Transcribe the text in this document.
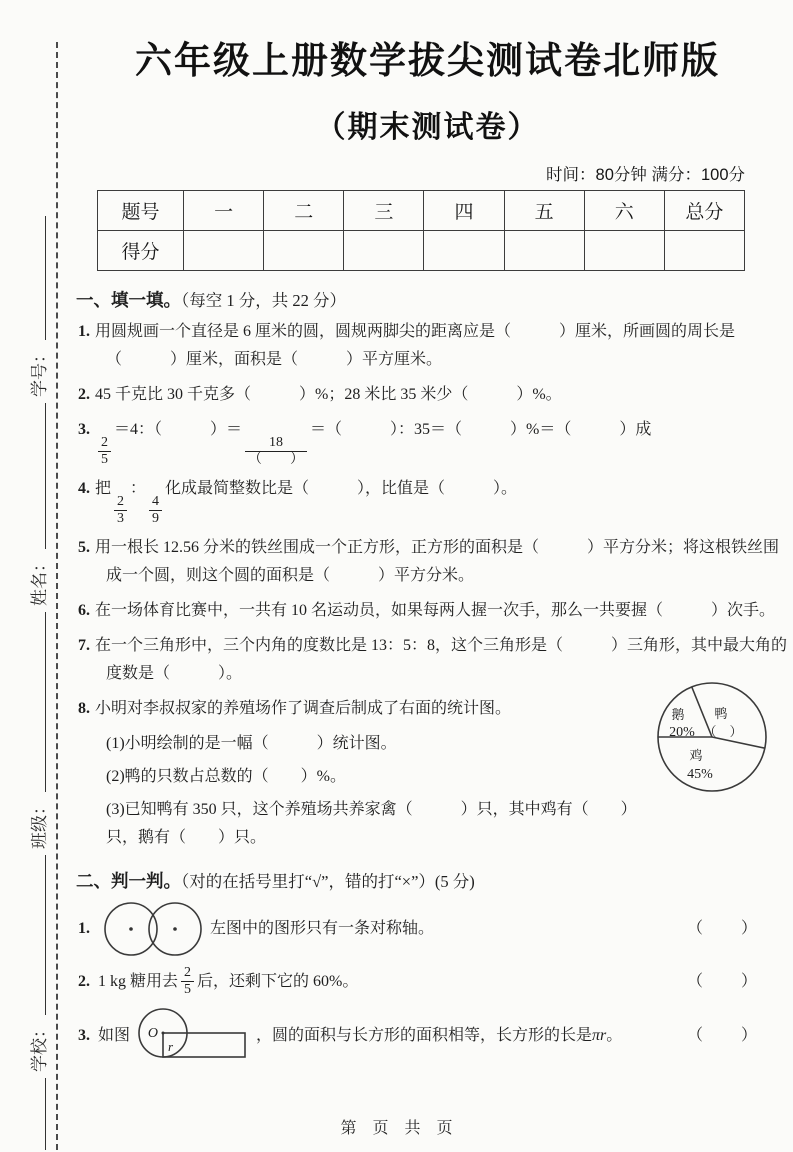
学校：
班级：
姓名：
学号：
六年级上册数学拔尖测试卷北师版
（期末测试卷）
时间：80分钟 满分：100分
题号	一	二	三	四	五	六	总分
得分							
一、填一填。（每空 1 分，共 22 分）
1. 用圆规画一个直径是 6 厘米的圆，圆规两脚尖的距离应是（　　　）厘米，所画圆的周长是（　　　）厘米，面积是（　　　）平方厘米。
2. 45 千克比 30 千克多（　　　）%；28 米比 35 米少（　　　）%。
3.
$\frac{2}{5}$
＝4：（　　　）＝
$\frac{18}{( )}$
＝（　　　）：35＝（　　　）%＝（　　　）成
4. 把
$\frac{2}{3}$
：
$\frac{4}{9}$
化成最简整数比是（　　　），比值是（　　　）。
5. 用一根长 12.56 分米的铁丝围成一个正方形，正方形的面积是（　　　）平方分米；将这根铁丝围成一个圆，则这个圆的面积是（　　　）平方分米。
6. 在一场体育比赛中，一共有 10 名运动员，如果每两人握一次手，那么一共要握（　　　）次手。
7. 在一个三角形中，三个内角的度数比是 13：5：8，这个三角形是（　　　）三角形，其中最大角的度数是（　　　）。
8. 小明对李叔叔家的养殖场作了调查后制成了右面的统计图。
(1)小明绘制的是一幅（　　　）统计图。
(2)鸭的只数占总数的（　　）%。
(3)已知鸭有 350 只，这个养殖场共养家禽（　　　）只，其中鸡有（　　）只，鹅有（　　）只。
鹅
20%
鸭
（　）
鸡
45%
二、判一判。（对的在括号里打“√”，错的打“×”）(5 分)
1.	左图中的图形只有一条对称轴。	（　　）
2. 1 kg 糖用去 $\frac{2}{5}$ 后，还剩下它的 60%。	（　　）
3. 如图 O
r
，圆的面积与长方形的面积相等，长方形的长是 πr 。	（　　）
第　页　共　页
